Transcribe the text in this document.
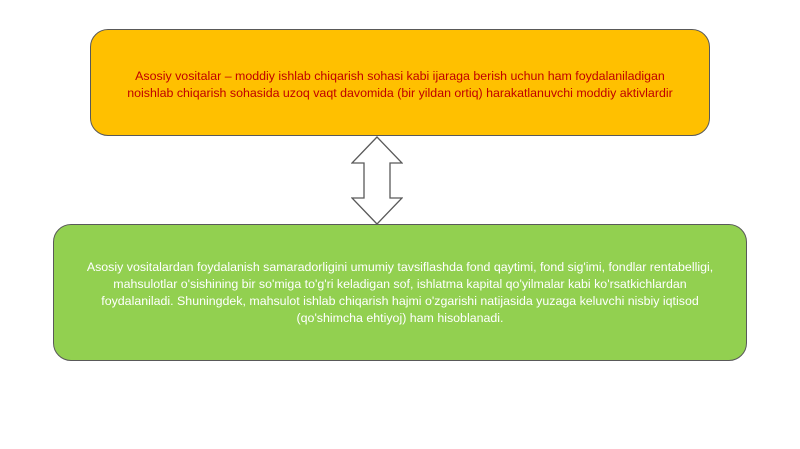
Asosiy vositalar – moddiy ishlab chiqarish sohasi kabi ijaraga berish uchun ham foydalaniladigan noishlab chiqarish sohasida uzoq vaqt davomida (bir yildan ortiq) harakatlanuvchi moddiy aktivlardir

Asosiy vositalardan foydalanish samaradorligini umumiy tavsiflashda fond qaytimi, fond sig'imi, fondlar rentabelligi, mahsulotlar o'sishining bir so'miga to'g'ri keladigan sof, ishlatma kapital qo'yilmalar kabi ko'rsatkichlardan foydalaniladi. Shuningdek, mahsulot ishlab chiqarish hajmi o'zgarishi natijasida yuzaga keluvchi nisbiy iqtisod (qo'shimcha ehtiyoj) ham hisoblanadi.
